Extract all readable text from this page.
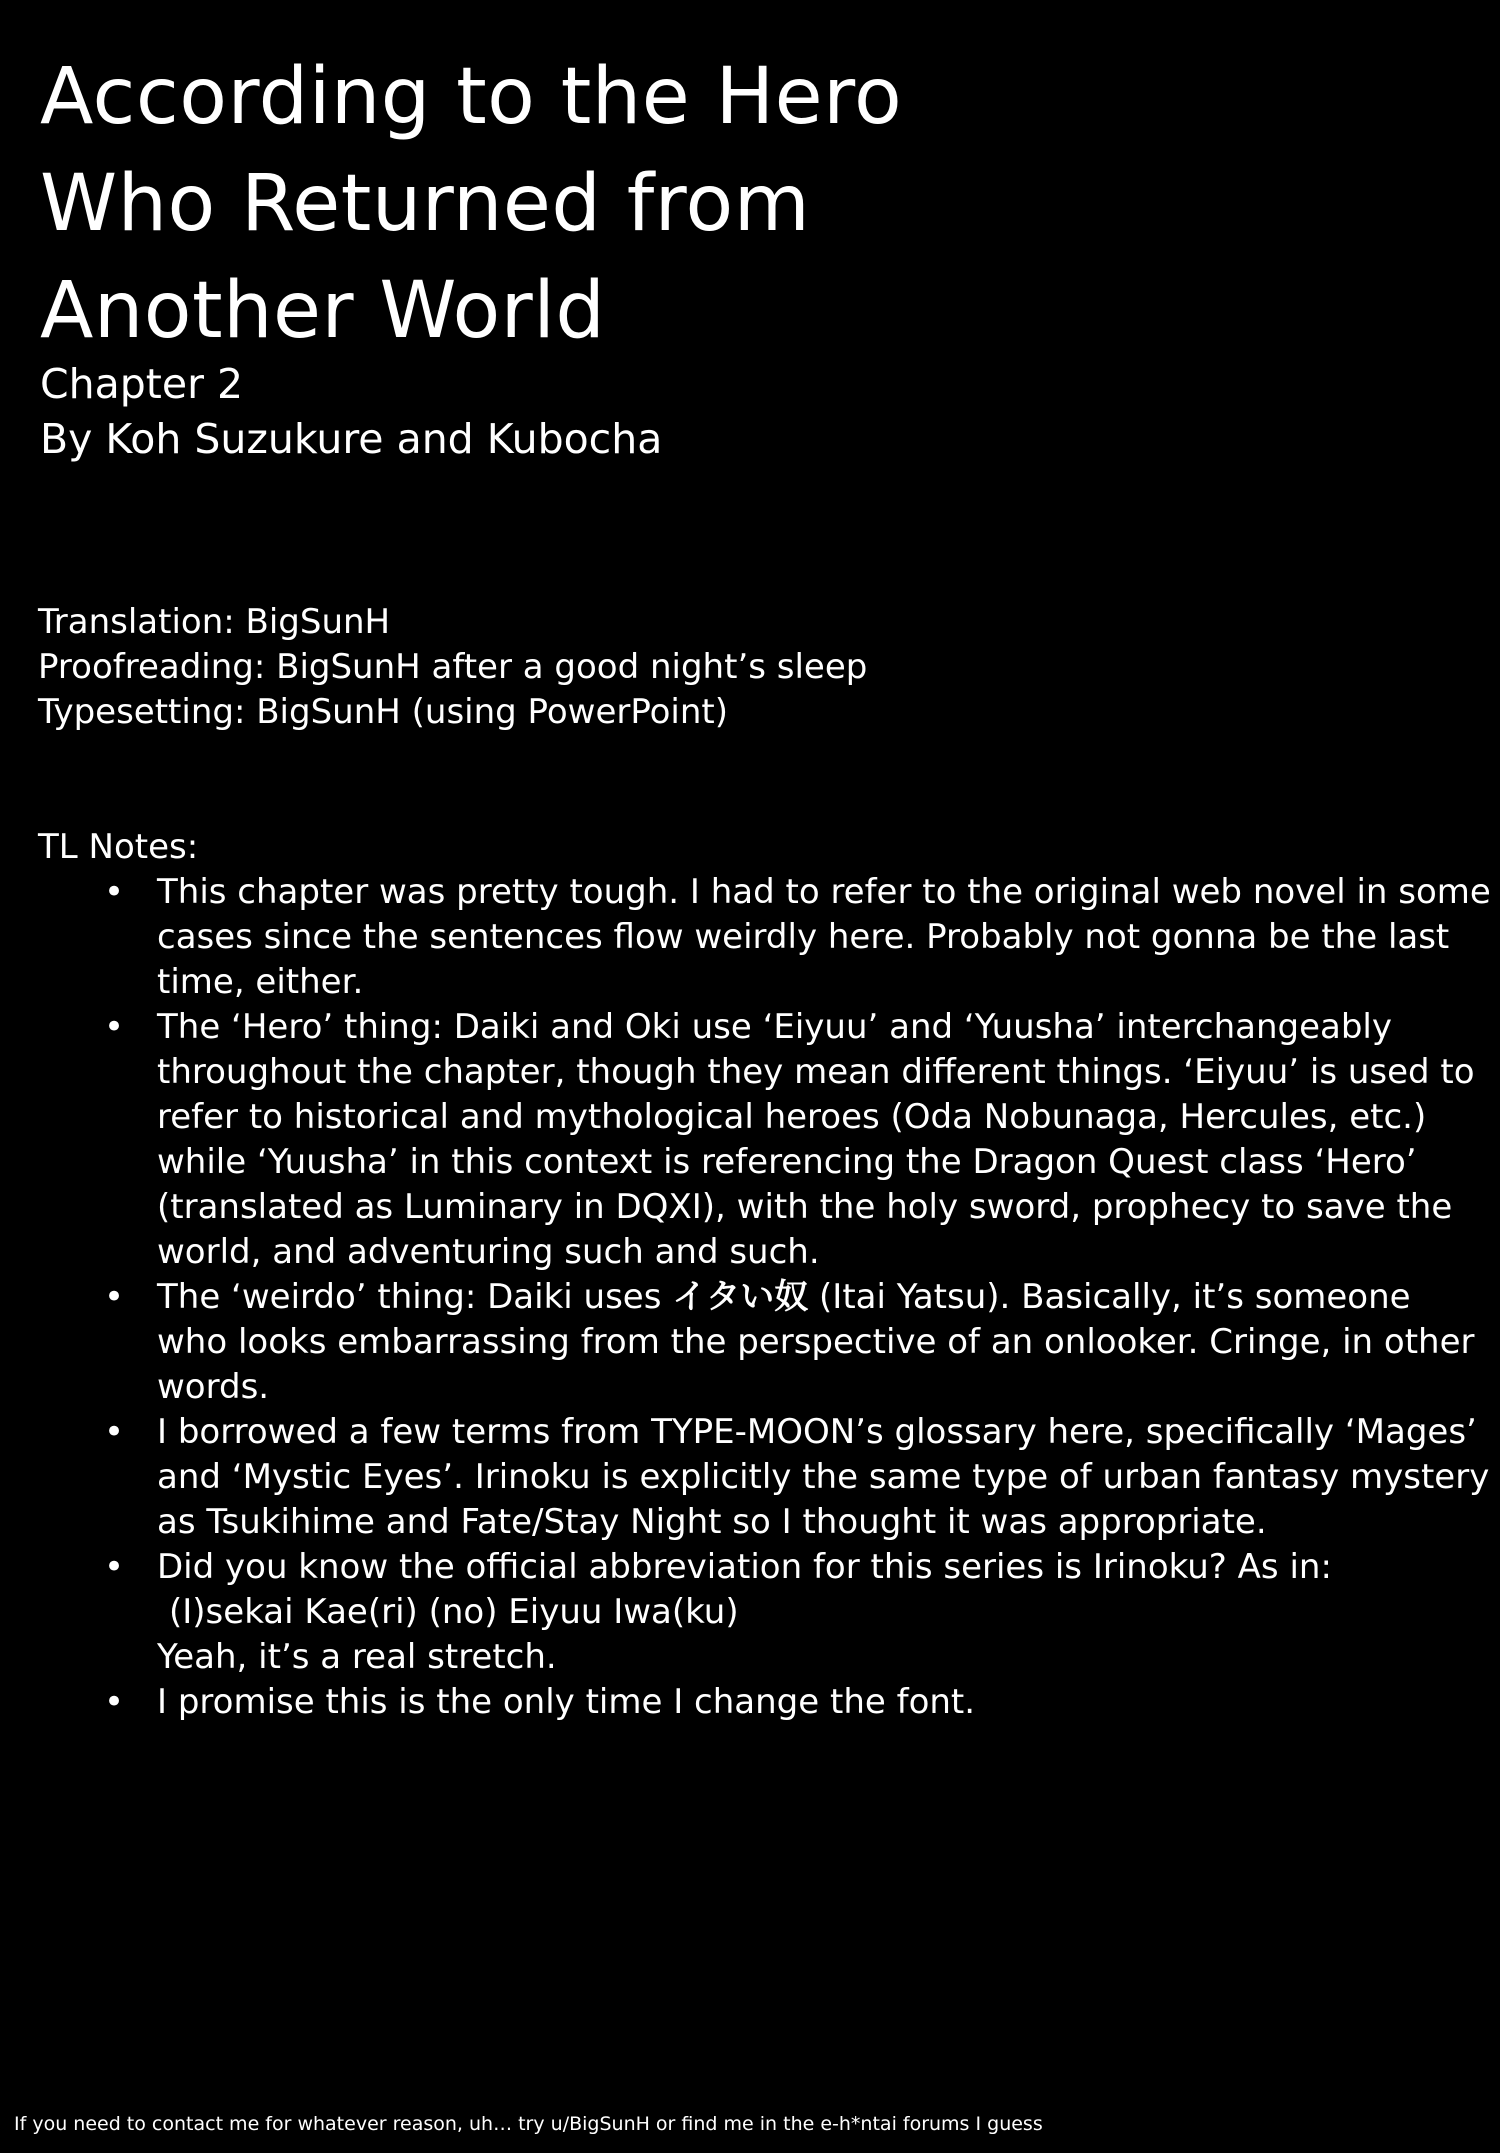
According to the Hero
Who Returned from
Another World
Chapter 2
By Koh Suzukure and Kubocha
Translation: BigSunH
Proofreading: BigSunH after a good night’s sleep
Typesetting: BigSunH (using PowerPoint)
TL Notes:
• This chapter was pretty tough. I had to refer to the original web novel in some
cases since the sentences flow weirdly here. Probably not gonna be the last
time, either.
• The ‘Hero’ thing: Daiki and Oki use ‘Eiyuu’ and ‘Yuusha’ interchangeably
throughout the chapter, though they mean different things. ‘Eiyuu’ is used to
refer to historical and mythological heroes (Oda Nobunaga, Hercules, etc.)
while ‘Yuusha’ in this context is referencing the Dragon Quest class ‘Hero’
(translated as Luminary in DQXI), with the holy sword, prophecy to save the
world, and adventuring such and such.
• The ‘weirdo’ thing: Daiki uses イタい奴 (Itai Yatsu). Basically, it’s someone
who looks embarrassing from the perspective of an onlooker. Cringe, in other
words.
• I borrowed a few terms from TYPE-MOON’s glossary here, specifically ‘Mages’
and ‘Mystic Eyes’. Irinoku is explicitly the same type of urban fantasy mystery
as Tsukihime and Fate/Stay Night so I thought it was appropriate.
• Did you know the official abbreviation for this series is Irinoku? As in:
(I)sekai Kae(ri) (no) Eiyuu Iwa(ku)
Yeah, it’s a real stretch.
• I promise this is the only time I change the font.
If you need to contact me for whatever reason, uh… try u/BigSunH or find me in the e-h*ntai forums I guess
